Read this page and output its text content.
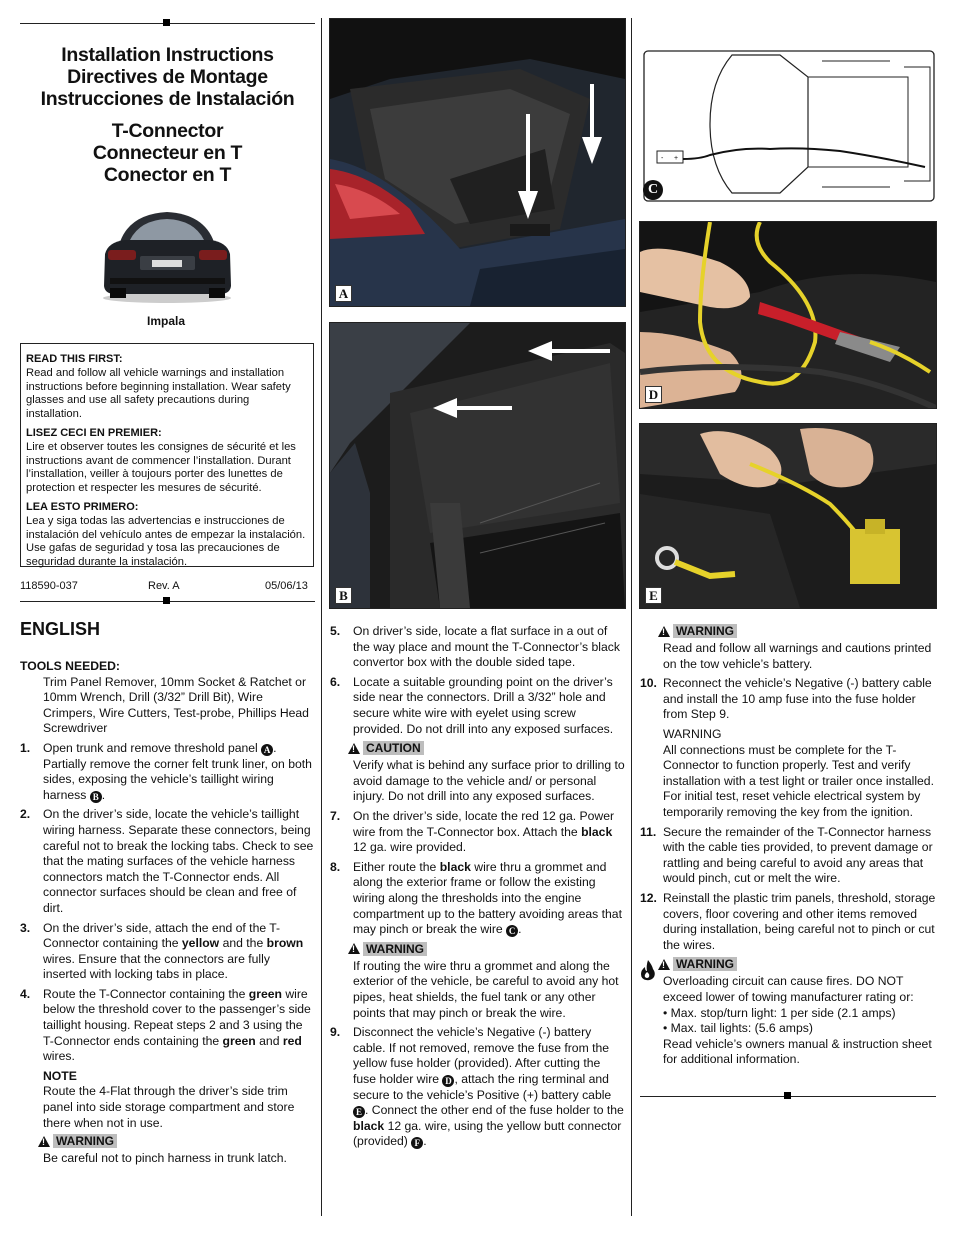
Installation Instructions
Directives de Montage
Instrucciones de Instalación
T-Connector
Connecteur en T
Conector en T
Impala

READ THIS FIRST:
Read and follow all vehicle warnings and installation instructions before beginning installation. Wear safety glasses and use all safety precautions during installation.

LISEZ CECI EN PREMIER:
Lire et observer toutes les consignes de sécurité et les instructions avant de commencer l’installation. Durant l’installation, veiller à toujours porter des lunettes de protection et respecter les mesures de sécurité.

LEA ESTO PRIMERO:
Lea y siga todas las advertencias e instrucciones de instalación del vehículo antes de empezar la instalación. Use gafas de seguridad y tosa las precauciones de seguridad durante la instalación.

118590-037	Rev. A	05/06/13
A
B
- +
C
D
E
ENGLISH

TOOLS NEEDED:

Trim Panel Remover, 10mm Socket & Ratchet or 10mm Wrench, Drill (3/32” Drill Bit), Wire Crimpers, Wire Cutters, Test-probe, Phillips Head Screwdriver

1. Open trunk and remove threshold panel A . Partially remove the corner felt trunk liner, on both sides, exposing the vehicle’s taillight wiring harness B .
2. On the driver’s side, locate the vehicle’s taillight wiring harness. Separate these connectors, being careful not to break the locking tabs. Check to see that the mating surfaces of the vehicle harness connectors match the T-Connector ends. All connector surfaces should be clean and free of dirt.
3. On the driver’s side, attach the end of the T-Connector containing the yellow and the brown wires. Ensure that the connectors are fully inserted with locking tabs in place.
4. Route the T-Connector containing the green wire below the threshold cover to the passenger’s side taillight housing. Repeat steps 2 and 3 using the T-Connector ends containing the green and red wires.

NOTE

Route the 4-Flat through the driver’s side trim panel into side storage compartment and store there when not in use.

!
WARNING

Be careful not to pinch harness in trunk latch.

5. On driver’s side, locate a flat surface in a out of the way place and mount the T-Connector’s black convertor box with the double sided tape.
6. Locate a suitable grounding point on the driver’s side near the connectors. Drill a 3/32” hole and secure white wire with eyelet using screw provided. Do not drill into any exposed surfaces.

!
CAUTION

Verify what is behind any surface prior to drilling to avoid damage to the vehicle and/ or personal injury. Do not drill into any exposed surfaces.

7. On the driver’s side, locate the red 12 ga. Power wire from the T-Connector box. Attach the black 12 ga. wire provided.
8. Either route the black wire thru a grommet and along the exterior frame or follow the existing wiring along the thresholds into the engine compartment up to the battery avoiding areas that may pinch or break the wire C .

!
WARNING

If routing the wire thru a grommet and along the exterior of the vehicle, be careful to avoid any hot pipes, heat shields, the fuel tank or any other points that may pinch or break the wire.

9. Disconnect the vehicle’s Negative (-) battery cable. If not removed, remove the fuse from the yellow fuse holder (provided). After cutting the fuse holder wire D , attach the ring terminal and secure to the vehicle’s Positive (+) battery cable E . Connect the other end of the fuse holder to the black 12 ga. wire, using the yellow butt connector (provided) F .

!
WARNING

Read and follow all warnings and cautions printed on the tow vehicle’s battery.

10. Reconnect the vehicle’s Negative (-) battery cable and install the 10 amp fuse into the fuse holder from Step 9.

WARNING

All connections must be complete for the T-Connector to function properly. Test and verify installation with a test light or trailer once installed. For initial test, reset vehicle electrical system by temporarily removing the key from the ignition.

11. Secure the remainder of the T-Connector harness with the cable ties provided, to prevent damage or rattling and being careful to avoid any areas that would pinch, cut or melt the wire.
12. Reinstall the plastic trim panels, threshold, storage covers, floor covering and other items removed during installation, being careful not to pinch or cut the wires.

!
WARNING

Overloading circuit can cause fires. DO NOT exceed lower of towing manufacturer rating or:

• Max. stop/turn light: 1 per side (2.1 amps)

• Max. tail lights: (5.6 amps)

Read vehicle’s owners manual & instruction sheet for additional information.
